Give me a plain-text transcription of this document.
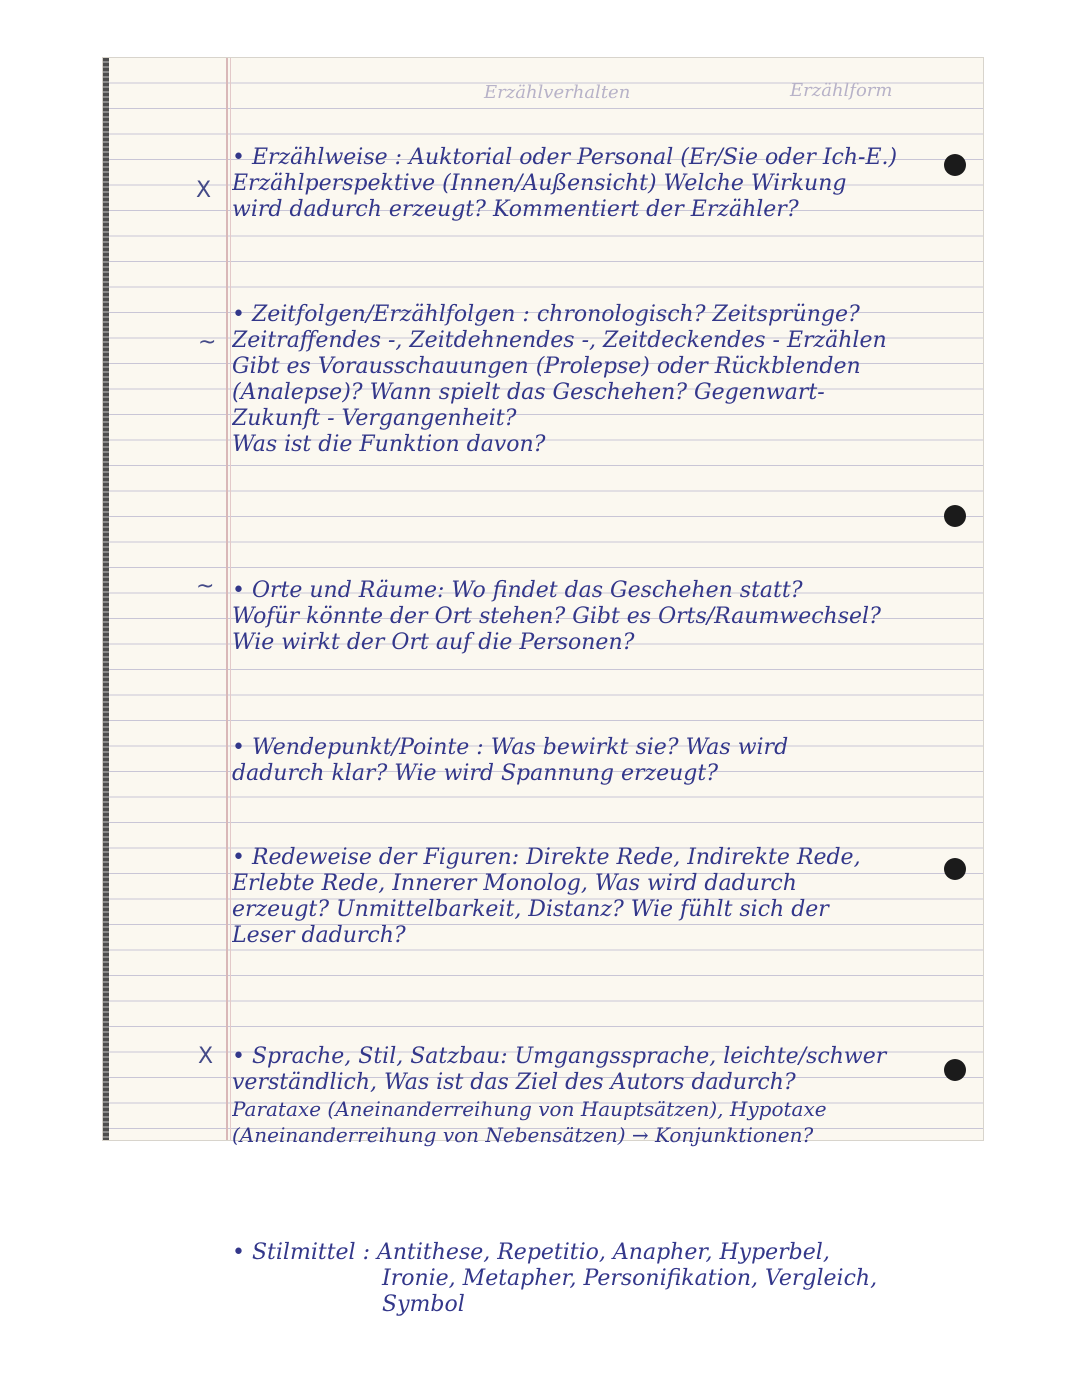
Erzählverhalten	Erzählform
X
~
~
X
• Erzählweise : Auktorial oder Personal (Er/Sie oder Ich-E.)
Erzählperspektive (Innen/Außensicht) Welche Wirkung
wird dadurch erzeugt? Kommentiert der Erzähler?
• Zeitfolgen/Erzählfolgen : chronologisch? Zeitsprünge?
Zeitraffendes -, Zeitdehnendes -, Zeitdeckendes - Erzählen
Gibt es Vorausschauungen (Prolepse) oder Rückblenden
(Analepse)? Wann spielt das Geschehen? Gegenwart-
Zukunft - Vergangenheit?
Was ist die Funktion davon?
• Orte und Räume: Wo findet das Geschehen statt?
Wofür könnte der Ort stehen? Gibt es Orts/Raumwechsel?
Wie wirkt der Ort auf die Personen?
• Wendepunkt/Pointe : Was bewirkt sie? Was wird
dadurch klar? Wie wird Spannung erzeugt?
• Redeweise der Figuren: Direkte Rede, Indirekte Rede,
Erlebte Rede, Innerer Monolog, Was wird dadurch
erzeugt? Unmittelbarkeit, Distanz? Wie fühlt sich der
Leser dadurch?
• Sprache, Stil, Satzbau: Umgangssprache, leichte/schwer
verständlich, Was ist das Ziel des Autors dadurch?
Parataxe (Aneinanderreihung von Hauptsätzen), Hypotaxe
(Aneinanderreihung von Nebensätzen) → Konjunktionen?
• Stilmittel : Antithese, Repetitio, Anapher, Hyperbel,
Ironie, Metapher, Personifikation, Vergleich,
Symbol
